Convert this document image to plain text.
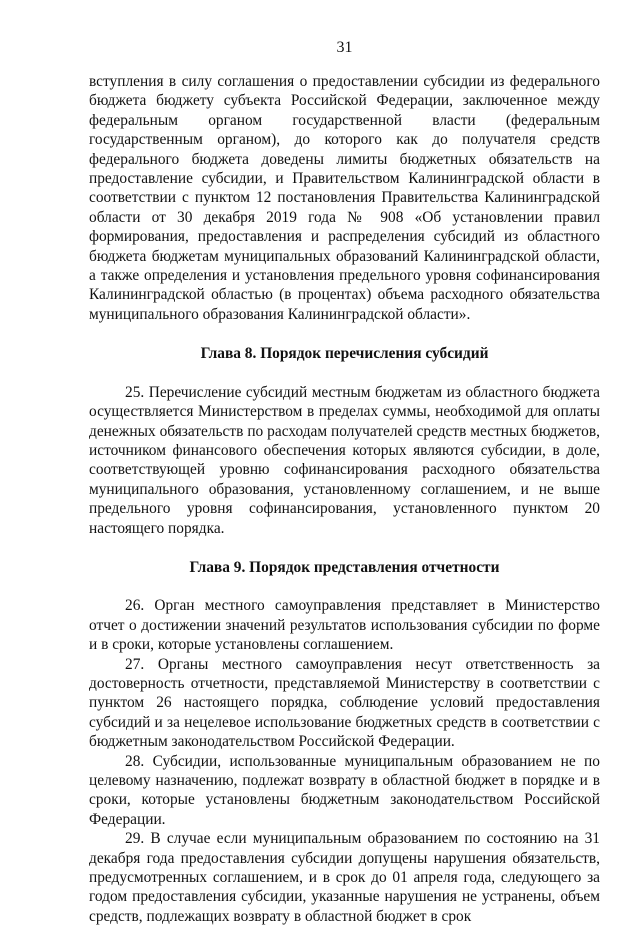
31

вступления в силу соглашения о предоставлении субсидии из федерального бюджета бюджету субъекта Российской Федерации, заключенное между федеральным органом государственной власти (федеральным государственным органом), до которого как до получателя средств федерального бюджета доведены лимиты бюджетных обязательств на предоставление субсидии, и Правительством Калининградской области в соответствии с пунктом 12 постановления Правительства Калининградской области от 30 декабря 2019 года № 908 «Об установлении правил формирования, предоставления и распределения субсидий из областного бюджета бюджетам муниципальных образований Калининградской области, а также определения и установления предельного уровня софинансирования Калининградской областью (в процентах) объема расходного обязательства муниципального образования Калининградской области».

Глава 8. Порядок перечисления субсидий

25. Перечисление субсидий местным бюджетам из областного бюджета осуществляется Министерством в пределах суммы, необходимой для оплаты денежных обязательств по расходам получателей средств местных бюджетов, источником финансового обеспечения которых являются субсидии, в доле, соответствующей уровню софинансирования расходного обязательства муниципального образования, установленному соглашением, и не выше предельного уровня софинансирования, установленного пунктом 20 настоящего порядка.

Глава 9. Порядок представления отчетности

26. Орган местного самоуправления представляет в Министерство отчет о достижении значений результатов использования субсидии по форме и в сроки, которые установлены соглашением.

27. Органы местного самоуправления несут ответственность за достоверность отчетности, представляемой Министерству в соответствии с пунктом 26 настоящего порядка, соблюдение условий предоставления субсидий и за нецелевое использование бюджетных средств в соответствии с бюджетным законодательством Российской Федерации.

28. Субсидии, использованные муниципальным образованием не по целевому назначению, подлежат возврату в областной бюджет в порядке и в сроки, которые установлены бюджетным законодательством Российской Федерации.

29. В случае если муниципальным образованием по состоянию на 31 декабря года предоставления субсидии допущены нарушения обязательств, предусмотренных соглашением, и в срок до 01 апреля года, следующего за годом предоставления субсидии, указанные нарушения не устранены, объем средств, подлежащих возврату в областной бюджет в срок
